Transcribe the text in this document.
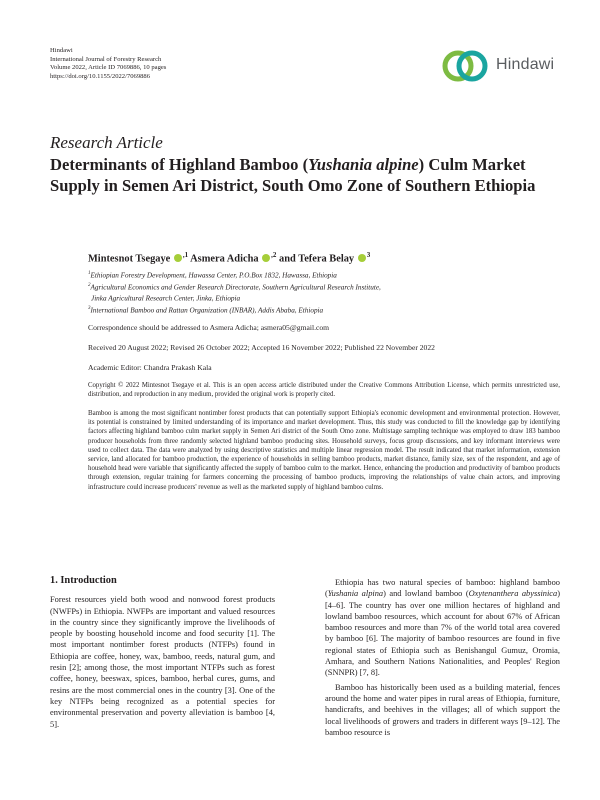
Hindawi
International Journal of Forestry Research
Volume 2022, Article ID 7069886, 10 pages
https://doi.org/10.1155/2022/7069886
Hindawi
Research Article
Determinants of Highland Bamboo (Yushania alpine) Culm Market Supply in Semen Ari District, South Omo Zone of Southern Ethiopia
Mintesnot Tsegaye $^{,1}$ Asmera Adicha $^{,2}$ and Tefera Belay $^3$
$^1$Ethiopian Forestry Development, Hawassa Center, P.O.Box 1832, Hawassa, Ethiopia
$^2$Agricultural Economics and Gender Research Directorate, Southern Agricultural Research Institute,
Jinka Agricultural Research Center, Jinka, Ethiopia
$^3$International Bamboo and Rattan Organization (INBAR), Addis Ababa, Ethiopia
Correspondence should be addressed to Asmera Adicha; asmera05@gmail.com
Received 20 August 2022; Revised 26 October 2022; Accepted 16 November 2022; Published 22 November 2022
Academic Editor: Chandra Prakash Kala
Copyright © 2022 Mintesnot Tsegaye et al. This is an open access article distributed under the Creative Commons Attribution License, which permits unrestricted use, distribution, and reproduction in any medium, provided the original work is properly cited.
Bamboo is among the most significant nontimber forest products that can potentially support Ethiopia's economic development and environmental protection. However, its potential is constrained by limited understanding of its importance and market development. Thus, this study was conducted to fill the knowledge gap by identifying factors affecting highland bamboo culm market supply in Semen Ari district of the South Omo zone. Multistage sampling technique was employed to draw 183 bamboo producer households from three randomly selected highland bamboo producing sites. Household surveys, focus group discussions, and key informant interviews were used to collect data. The data were analyzed by using descriptive statistics and multiple linear regression model. The result indicated that market information, extension service, land allocated for bamboo production, the experience of households in selling bamboo products, market distance, family size, sex of the respondent, and age of household head were variable that significantly affected the supply of bamboo culm to the market. Hence, enhancing the production and productivity of bamboo products through extension, regular training for farmers concerning the processing of bamboo products, improving the relationships of value chain actors, and improving infrastructure could increase producers' revenue as well as the marketed supply of highland bamboo culms.
1. Introduction
Forest resources yield both wood and nonwood forest products (NWFPs) in Ethiopia. NWFPs are important and valued resources in the country since they significantly improve the livelihoods of people by boosting household income and food security [1]. The most important nontimber forest products (NTFPs) found in Ethiopia are coffee, honey, wax, bamboo, reeds, natural gum, and resin [2]; among those, the most important NTFPs such as forest coffee, honey, beeswax, spices, bamboo, herbal cures, gums, and resins are the most commercial ones in the country [3]. One of the key NTFPs being recognized as a potential species for environmental preservation and poverty alleviation is bamboo [4, 5].
Ethiopia has two natural species of bamboo: highland bamboo (Yushania alpina) and lowland bamboo (Oxytenanthera abyssinica) [4–6]. The country has over one million hectares of highland and lowland bamboo resources, which account for about 67% of African bamboo resources and more than 7% of the world total area covered by bamboo [6]. The majority of bamboo resources are found in five regional states of Ethiopia such as Benishangul Gumuz, Oromia, Amhara, and Southern Nations Nationalities, and Peoples' Region (SNNPR) [7, 8].
Bamboo has historically been used as a building material, fences around the home and water pipes in rural areas of Ethiopia, furniture, handicrafts, and beehives in the villages; all of which support the local livelihoods of growers and traders in different ways [9–12]. The bamboo resource is
